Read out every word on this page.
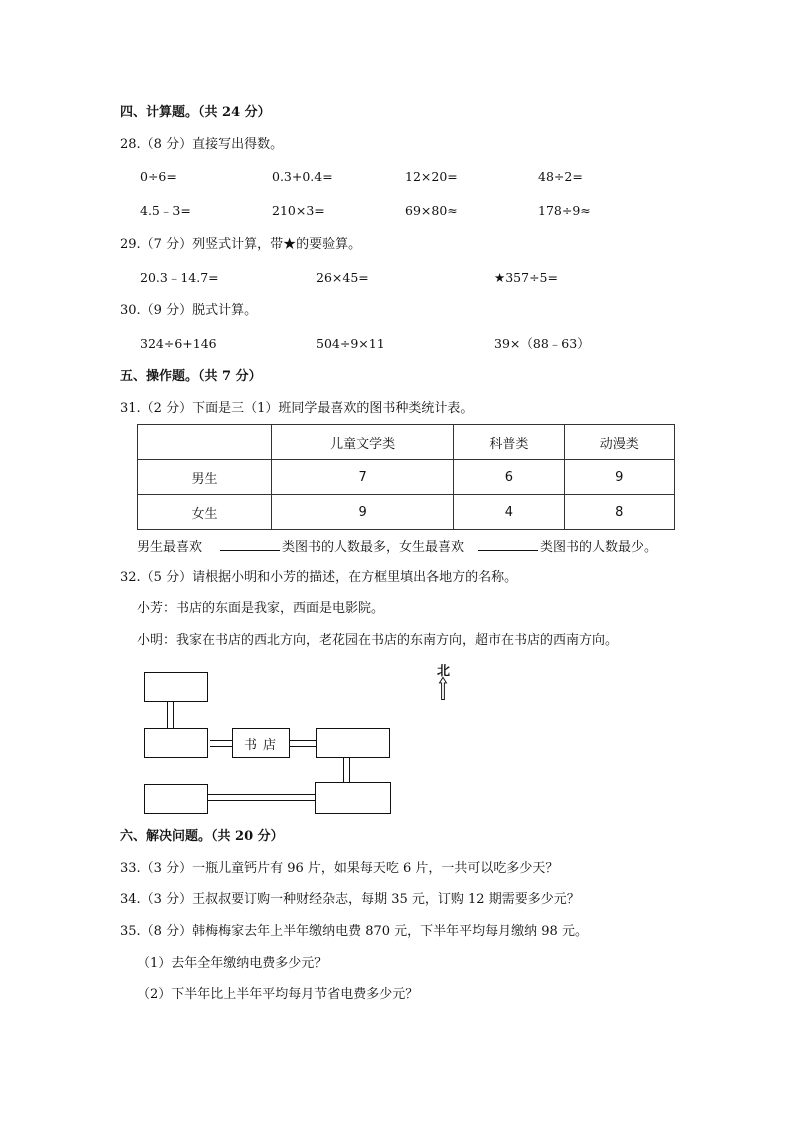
四、计算题。（共 24 分）
28.（8 分）直接写出得数。
0÷6=	0.3+0.4=	12×20=	48÷2=
4.5﹣3=	210×3=	69×80≈	178÷9≈
29.（7 分）列竖式计算，带★的要验算。
20.3﹣14.7=	26×45=	★357÷5=
30.（9 分）脱式计算。
324÷6+146	504÷9×11	39×（88﹣63）
五、操作题。（共 7 分）
31.（2 分）下面是三（1）班同学最喜欢的图书种类统计表。
	儿童文学类	科普类	动漫类
男生	7	6	9
女生	9	4	8
男生最喜欢	类图书的人数最多，女生最喜欢	类图书的人数最少。
32.（5 分）请根据小明和小芳的描述，在方框里填出各地方的名称。
小芳：书店的东面是我家，西面是电影院。
小明：我家在书店的西北方向，老花园在书店的东南方向，超市在书店的西南方向。
书店
北
六、解决问题。（共 20 分）
33.（3 分）一瓶儿童钙片有 96 片，如果每天吃 6 片，一共可以吃多少天？
34.（3 分）王叔叔要订购一种财经杂志，每期 35 元，订购 12 期需要多少元？
35.（8 分）韩梅梅家去年上半年缴纳电费 870 元，下半年平均每月缴纳 98 元。
（1）去年全年缴纳电费多少元？
（2）下半年比上半年平均每月节省电费多少元？
